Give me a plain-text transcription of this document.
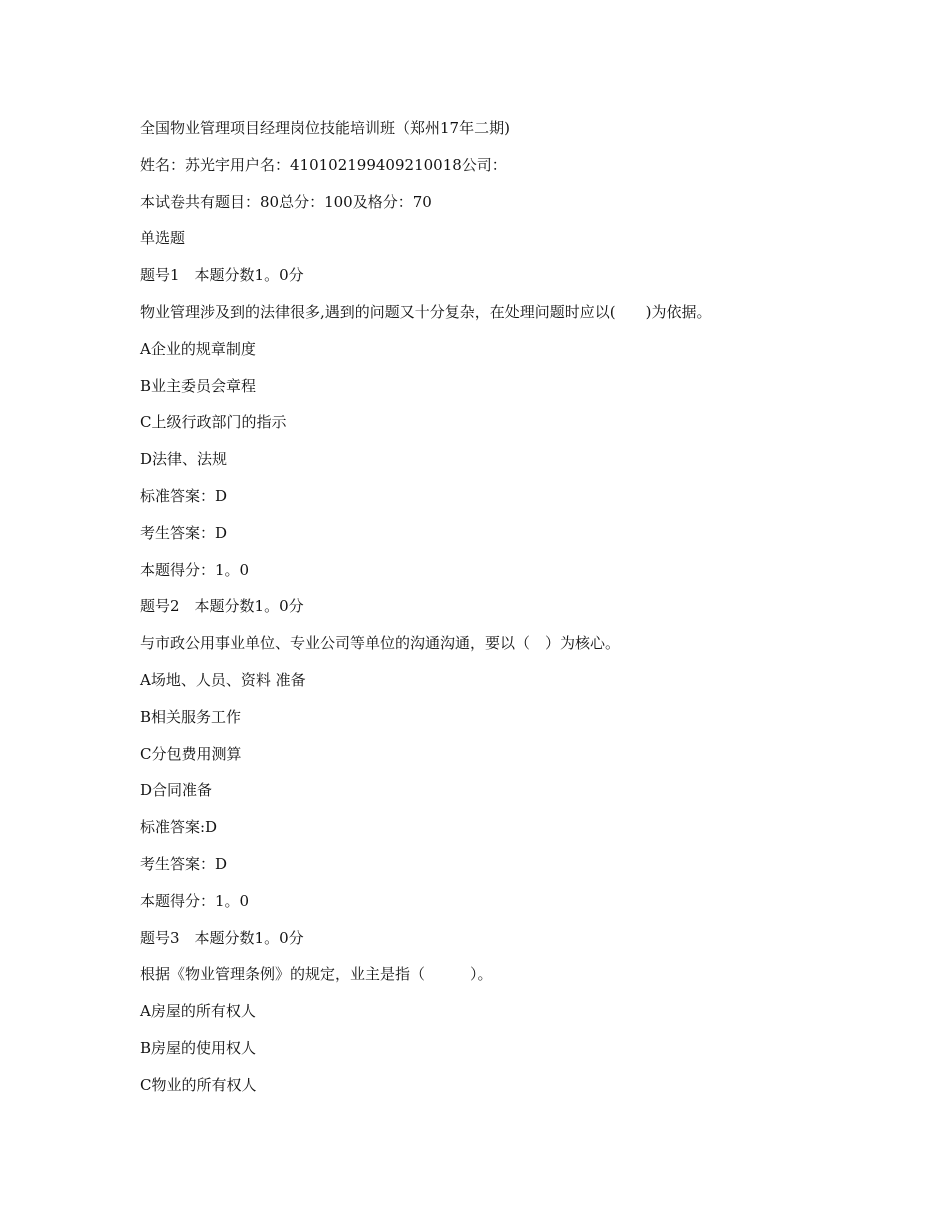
全国物业管理项目经理岗位技能培训班（郑州17年二期)
姓名：苏光宇用户名：410102199409210018公司：
本试卷共有题目：80总分：100及格分：70
单选题
题号1　本题分数1。0分
物业管理涉及到的法律很多,遇到的问题又十分复杂，在处理问题时应以(　　)为依据。
A企业的规章制度
B业主委员会章程
C上级行政部门的指示
D法律、法规
标准答案：D
考生答案：D
本题得分：1。0
题号2　本题分数1。0分
与市政公用事业单位、专业公司等单位的沟通沟通，要以（　）为核心。
A场地、人员、资料 准备
B相关服务工作
C分包费用测算
D合同准备
标准答案:D
考生答案：D
本题得分：1。0
题号3　本题分数1。0分
根据《物业管理条例》的规定，业主是指（　　　）。
A房屋的所有权人
B房屋的使用权人
C物业的所有权人
